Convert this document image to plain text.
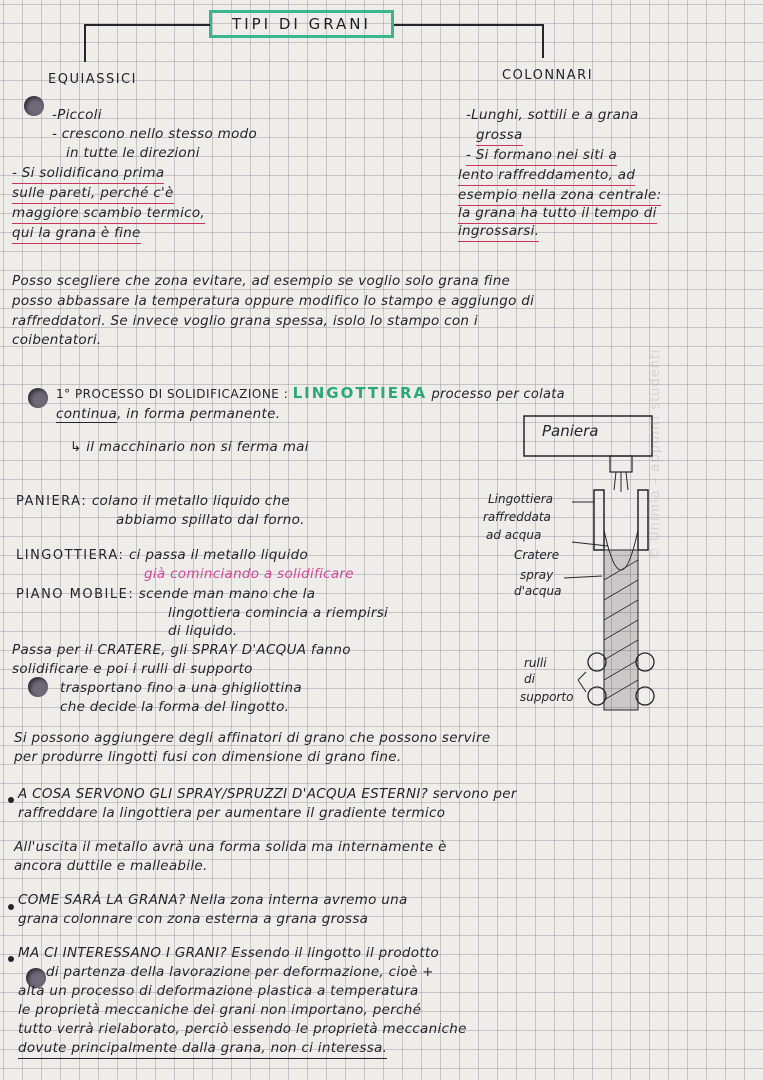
TIPI DI GRANI
EQUIASSICI	COLONNARI
-Piccoli
- crescono nello stesso modo
in tutte le direzioni
- Si solidificano prima
sulle pareti, perché c'è
maggiore scambio termico,
qui la grana è fine
-Lunghi, sottili e a grana
grossa
- Si formano nei siti a
lento raffreddamento, ad
esempio nella zona centrale:
la grana ha tutto il tempo di
ingrossarsi.
Posso scegliere che zona evitare, ad esempio se voglio solo grana fine
posso abbassare la temperatura oppure modifico lo stampo e aggiungo di
raffreddatori. Se invece voglio grana spessa, isolo lo stampo con i
coibentatori.
1° PROCESSO DI SOLIDIFICAZIONE : LINGOTTIERA processo per colata
continua, in forma permanente.
↳ il macchinario non si ferma mai
PANIERA: colano il metallo liquido che
abbiamo spillato dal forno.
LINGOTTIERA: ci passa il metallo liquido
già cominciando a solidificare
PIANO MOBILE: scende man mano che la
lingottiera comincia a riempirsi
di liquido.
Passa per il CRATERE, gli SPRAY D'ACQUA fanno
solidificare e poi i rulli di supporto
trasportano fino a una ghigliottina
che decide la forma del lingotto.
Paniera
Lingottiera
raffreddata
ad acqua
Cratere
spray
d'acqua
rulli
di
supporto
Si possono aggiungere degli affinatori di grano che possono servire
per produrre lingotti fusi con dimensione di grano fine.
A COSA SERVONO GLI SPRAY/SPRUZZI D'ACQUA ESTERNI? servono per
raffreddare la lingottiera per aumentare il gradiente termico
All'uscita il metallo avrà una forma solida ma internamente è
ancora duttile e malleabile.
COME SARÀ LA GRANA? Nella zona interna avremo una
grana colonnare con zona esterna a grana grossa
MA CI INTERESSANO I GRANI? Essendo il lingotto il prodotto
di partenza della lavorazione per deformazione, cioè +
alta un processo di deformazione plastica a temperatura
le proprietà meccaniche dei grani non importano, perché
tutto verrà rielaborato, perciò essendo le proprietà meccaniche
dovute principalmente dalla grana, non ci interessa.
© Unimia – appunti studenti
